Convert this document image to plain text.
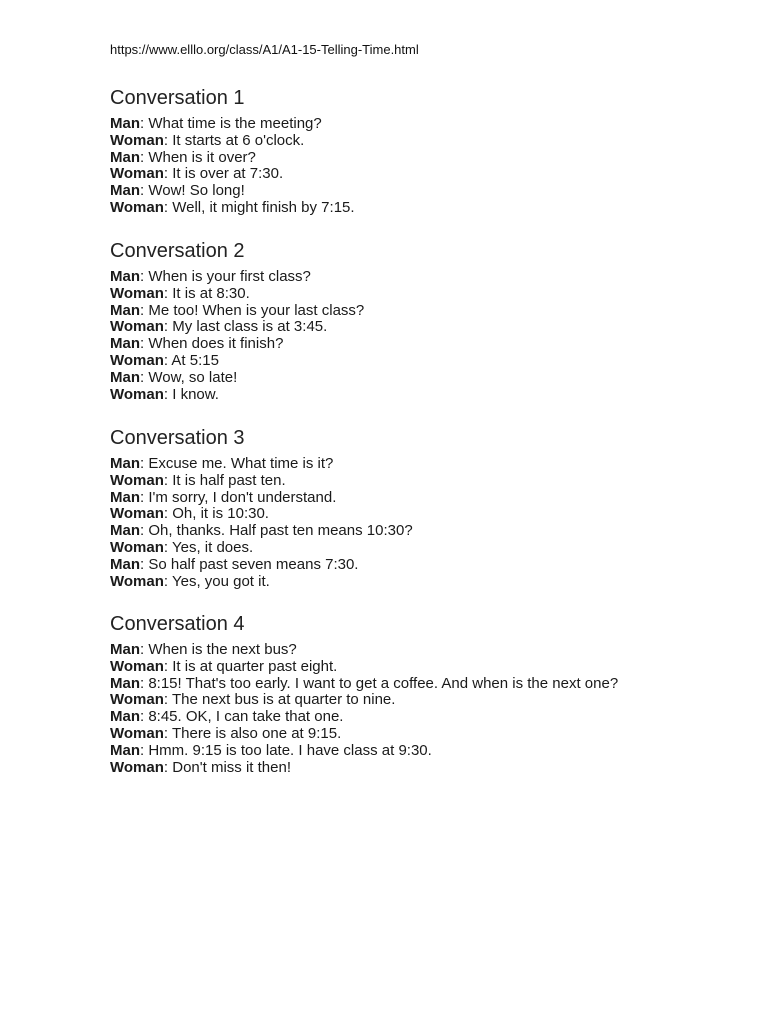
https://www.elllo.org/class/A1/A1-15-Telling-Time.html
Conversation 1
Man: What time is the meeting?
Woman: It starts at 6 o'clock.
Man: When is it over?
Woman: It is over at 7:30.
Man: Wow! So long!
Woman: Well, it might finish by 7:15.
Conversation 2
Man: When is your first class?
Woman: It is at 8:30.
Man: Me too! When is your last class?
Woman: My last class is at 3:45.
Man: When does it finish?
Woman: At 5:15
Man: Wow, so late!
Woman: I know.
Conversation 3
Man: Excuse me. What time is it?
Woman: It is half past ten.
Man: I'm sorry, I don't understand.
Woman: Oh, it is 10:30.
Man: Oh, thanks. Half past ten means 10:30?
Woman: Yes, it does.
Man: So half past seven means 7:30.
Woman: Yes, you got it.
Conversation 4
Man: When is the next bus?
Woman: It is at quarter past eight.
Man: 8:15! That's too early. I want to get a coffee. And when is the next one?
Woman: The next bus is at quarter to nine.
Man: 8:45. OK, I can take that one.
Woman: There is also one at 9:15.
Man: Hmm. 9:15 is too late. I have class at 9:30.
Woman: Don't miss it then!
